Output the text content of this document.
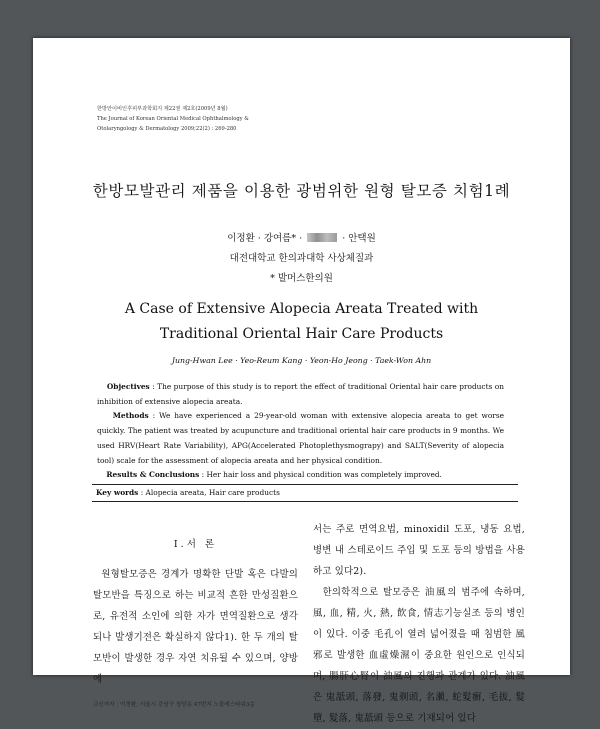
한방안이비인후피부과학회지 제22권 제2호(2009년 8월)
The Journal of Korean Oriental Medical Ophthalmology &
Otolaryngology & Dermatology 2009;22(2) : 269-280
한방모발관리 제품을 이용한 광범위한 원형 탈모증 치험1례
이정환 · 강여름* ·	· 안택원
대전대학교 한의과대학 사상체질과
* 발머스한의원
A Case of Extensive Alopecia Areata Treated with
Traditional Oriental Hair Care Products
Jung-Hwan Lee · Yeo-Reum Kang · Yeon-Ho Jeong · Taek-Won Ahn

Objectives : The purpose of this study is to report the effect of traditional Oriental hair care products on inhibition of extensive alopecia areata.

Methods : We have experienced a 29-year-old woman with extensive alopecia areata to get worse quickly. The patient was treated by acupuncture and traditional oriental hair care products in 9 months. We used HRV(Heart Rate Variability), APG(Accelerated Photoplethysmograpy) and SALT(Severity of alopecia tool) scale for the assessment of alopecia areata and her physical condition.

Results & Conclusions : Her hair loss and physical condition was completely improved.

Key words : Alopecia areata, Hair care products
Ⅰ.서 론

원형탈모증은 경계가 명확한 단발 혹은 다발의 탈모반을 특징으로 하는 비교적 흔한 만성질환으로, 유전적 소인에 의한 자가 면역질환으로 생각되나 발생기전은 확실하지 않다1). 한 두 개의 탈모반이 발생한 경우 자연 치유될 수 있으며, 양방에

서는 주로 면역요법, minoxidil 도포, 냉동 요법, 병변 내 스테로이드 주입 및 도포 등의 방법을 사용하고 있다2).

한의학적으로 탈모증은 油風의 범주에 속하며, 風, 血, 精, 火, 熱, 飲食, 情志기능실조 등의 병인이 있다. 이중 毛孔이 열려 넓어졌을 때 침범한 風邪로 발생한 血虛燥濕이 중요한 원인으로 인식되며, 腸肝心腎이 油風의 진행과 관계가 있다. 油風은 鬼舐頭, 落發, 鬼剃頭, 名瀨, 蛇髮癬, 毛拔, 髮墮, 髮落, 鬼舐頭 등으로 기재되어 있다

교신저자 : 이정환, 서울시 강남구 청담동 47번지 노블레스타워3층
